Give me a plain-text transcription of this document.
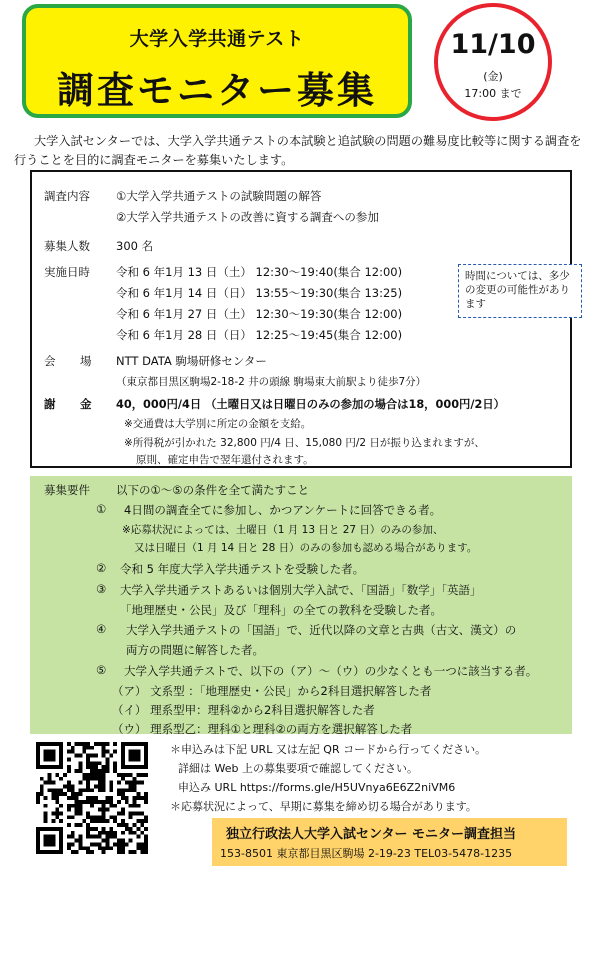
大学入学共通テスト
調査モニター募集
11/10
(金)
17:00 まで
大学入試センターでは、大学入学共通テストの本試験と追試験の問題の難易度比較等に関する調査を行うことを目的に調査モニターを募集いたします。
調査内容 ①大学入学共通テストの試験問題の解答
②大学入学共通テストの改善に資する調査への参加
募集人数 300 名
実施日時 令和 6 年1月 13 日（土） 12:30～19:40(集合 12:00)
令和 6 年1月 14 日（日） 13:55～19:30(集合 13:25)
令和 6 年1月 27 日（土） 12:30～19:30(集合 12:00)
令和 6 年1月 28 日（日） 12:25～19:45(集合 12:00)
時間については、多少の変更の可能性があります
会 場 NTT DATA 駒場研修センター
（東京都目黒区駒場2-18-2 井の頭線 駒場東大前駅より徒歩7分）
謝 金 40，000円/4日 （土曜日又は日曜日のみの参加の場合は18，000円/2日）
※交通費は大学別に所定の金額を支給。
※所得税が引かれた 32,800 円/4 日、15,080 円/2 日が振り込まれますが、
原則、確定申告で翌年還付されます。
募集要件 以下の①～⑤の条件を全て満たすこと
① 4日間の調査全てに参加し、かつアンケートに回答できる者。
※応募状況によっては、土曜日（1 月 13 日と 27 日）のみの参加、
又は日曜日（1 月 14 日と 28 日）のみの参加も認める場合があります。
② 令和 5 年度大学入学共通テストを受験した者。
③ 大学入学共通テストあるいは個別大学入試で、「国語」「数学」「英語」
「地理歴史・公民」及び「理科」の全ての教科を受験した者。
④ 大学入学共通テストの「国語」で、近代以降の文章と古典（古文、漢文）の
両方の問題に解答した者。
⑤ 大学入学共通テストで、以下の（ア）～（ウ）の少なくとも一つに該当する者。
（ア） 文系型 ：「地理歴史・公民」から2科目選択解答した者
（イ） 理系型甲：理科②から2科目選択解答した者
（ウ） 理系型乙：理科①と理科②の両方を選択解答した者
＊申込みは下記 URL 又は左記 QR コードから行ってください。
詳細は Web 上の募集要項で確認してください。
申込み URL https://forms.gle/H5UVnya6E6Z2niVM6
＊応募状況によって、早期に募集を締め切る場合があります。
独立行政法人大学入試センター モニター調査担当
153-8501 東京都目黒区駒場 2-19-23 TEL03-5478-1235
